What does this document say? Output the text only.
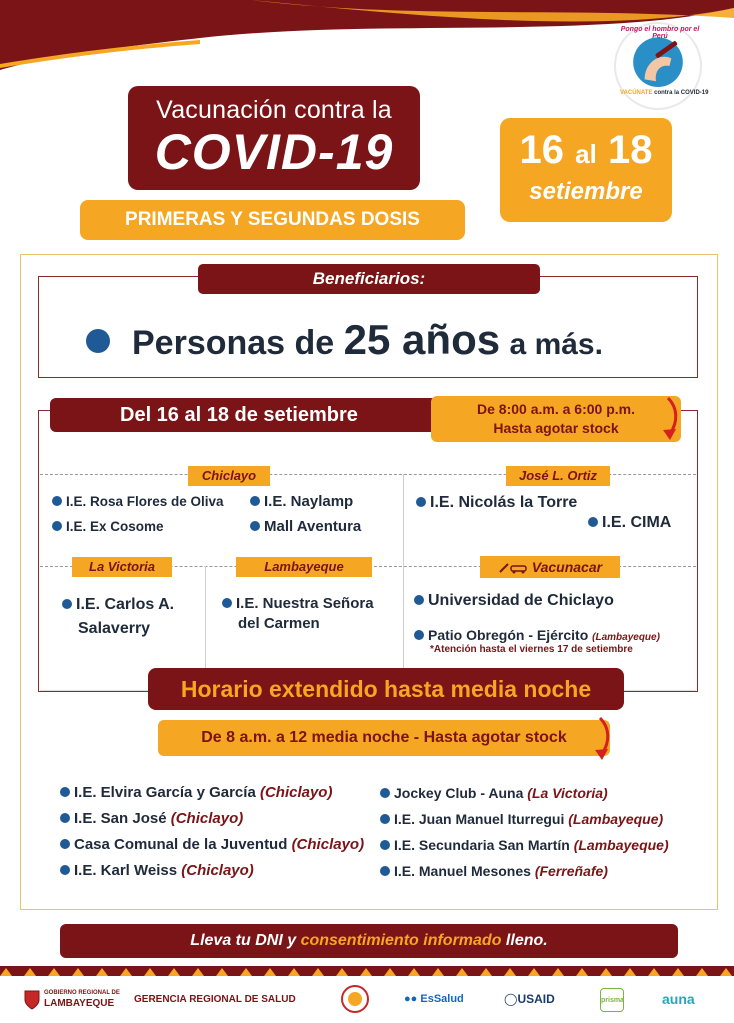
Pongo el hombro por el Perú
VACÚNATE contra la COVID-19
Vacunación contra la
COVID-19
PRIMERAS Y SEGUNDAS DOSIS
16 al 18
setiembre
Beneficiarios:
Personas de 25 años a más.
Del 16 al 18 de setiembre	De 8:00 a.m. a 6:00 p.m.
Hasta agotar stock
Chiclayo
I.E. Rosa Flores de Oliva
I.E. Ex Cosome
I.E. Naylamp
Mall Aventura
José L. Ortiz
I.E. Nicolás la Torre
I.E. CIMA
La Victoria
I.E. Carlos A.
Salaverry
Lambayeque
I.E. Nuestra Señora
del Carmen
Vacunacar
Universidad de Chiclayo
Patio Obregón - Ejército (Lambayeque)
*Atención hasta el viernes 17 de setiembre
Horario extendido hasta media noche
De 8 a.m. a 12 media noche - Hasta agotar stock
I.E. Elvira García y García (Chiclayo)
I.E. San José (Chiclayo)
Casa Comunal de la Juventud (Chiclayo)
I.E. Karl Weiss (Chiclayo)
Jockey Club - Auna (La Victoria)
I.E. Juan Manuel Iturregui (Lambayeque)
I.E. Secundaria San Martín (Lambayeque)
I.E. Manuel Mesones (Ferreñafe)
Lleva tu DNI y consentimiento informado lleno.
GOBIERNO REGIONAL DE
LAMBAYEQUE GERENCIA REGIONAL DE SALUD	●● EsSalud	◯USAID	prisma	auna
